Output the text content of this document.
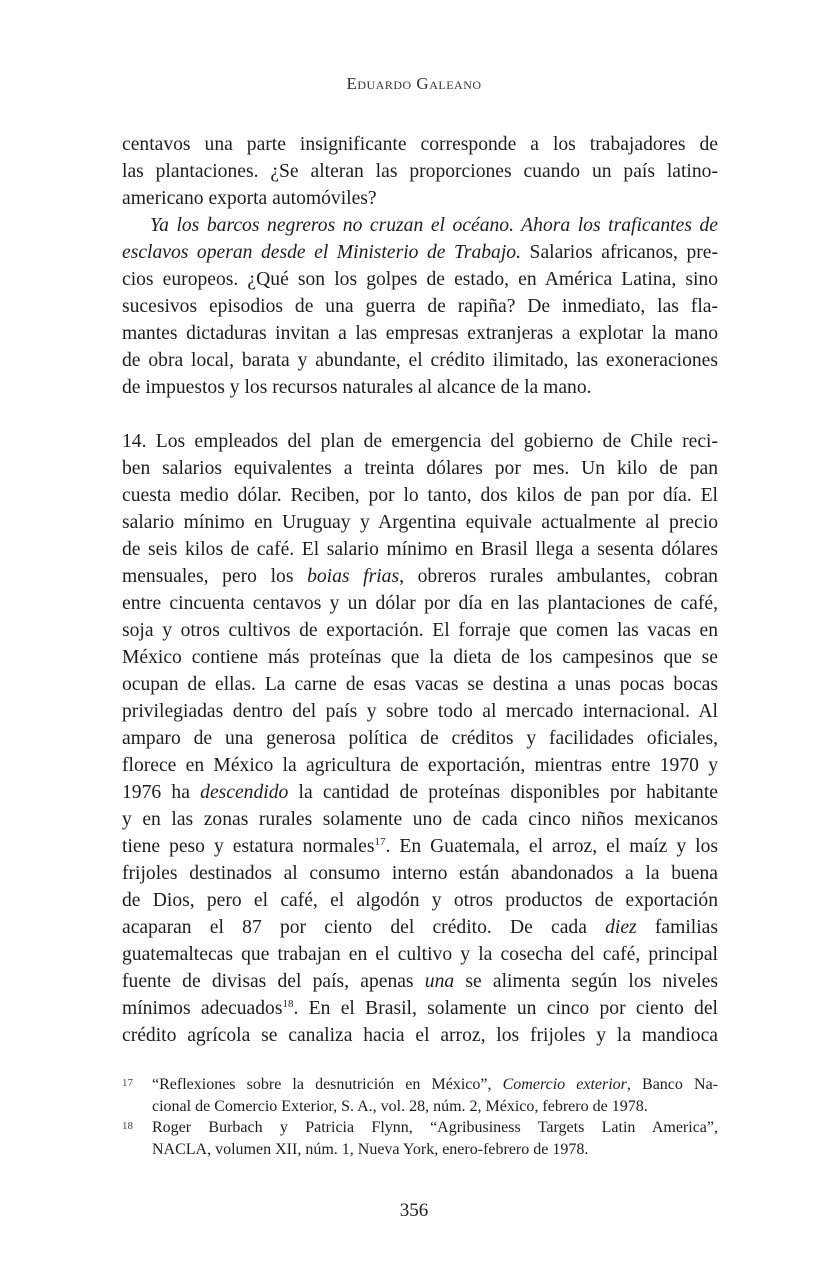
Eduardo Galeano
centavos una parte insignificante corresponde a los trabajadores de
las plantaciones. ¿Se alteran las proporciones cuando un país latino-
americano exporta automóviles?
Ya los barcos negreros no cruzan el océano. Ahora los traficantes de
esclavos operan desde el Ministerio de Trabajo. Salarios africanos, pre-
cios europeos. ¿Qué son los golpes de estado, en América Latina, sino
sucesivos episodios de una guerra de rapiña? De inmediato, las fla-
mantes dictaduras invitan a las empresas extranjeras a explotar la mano
de obra local, barata y abundante, el crédito ilimitado, las exoneraciones
de impuestos y los recursos naturales al alcance de la mano.
14. Los empleados del plan de emergencia del gobierno de Chile reci-
ben salarios equivalentes a treinta dólares por mes. Un kilo de pan
cuesta medio dólar. Reciben, por lo tanto, dos kilos de pan por día. El
salario mínimo en Uruguay y Argentina equivale actualmente al precio
de seis kilos de café. El salario mínimo en Brasil llega a sesenta dólares
mensuales, pero los boias frias, obreros rurales ambulantes, cobran
entre cincuenta centavos y un dólar por día en las plantaciones de café,
soja y otros cultivos de exportación. El forraje que comen las vacas en
México contiene más proteínas que la dieta de los campesinos que se
ocupan de ellas. La carne de esas vacas se destina a unas pocas bocas
privilegiadas dentro del país y sobre todo al mercado internacional. Al
amparo de una generosa política de créditos y facilidades oficiales,
florece en México la agricultura de exportación, mientras entre 1970 y
1976 ha descendido la cantidad de proteínas disponibles por habitante
y en las zonas rurales solamente uno de cada cinco niños mexicanos
tiene peso y estatura normales$^{17}$. En Guatemala, el arroz, el maíz y los
frijoles destinados al consumo interno están abandonados a la buena
de Dios, pero el café, el algodón y otros productos de exportación
acaparan el 87 por ciento del crédito. De cada diez familias
guatemaltecas que trabajan en el cultivo y la cosecha del café, principal
fuente de divisas del país, apenas una se alimenta según los niveles
mínimos adecuados$^{18}$. En el Brasil, solamente un cinco por ciento del
crédito agrícola se canaliza hacia el arroz, los frijoles y la mandioca
17 “Reflexiones sobre la desnutrición en México”, Comercio exterior, Banco Na-
cional de Comercio Exterior, S. A., vol. 28, núm. 2, México, febrero de 1978.
18 Roger Burbach y Patricia Flynn, “Agribusiness Targets Latin America”,
NACLA, volumen XII, núm. 1, Nueva York, enero-febrero de 1978.
356
